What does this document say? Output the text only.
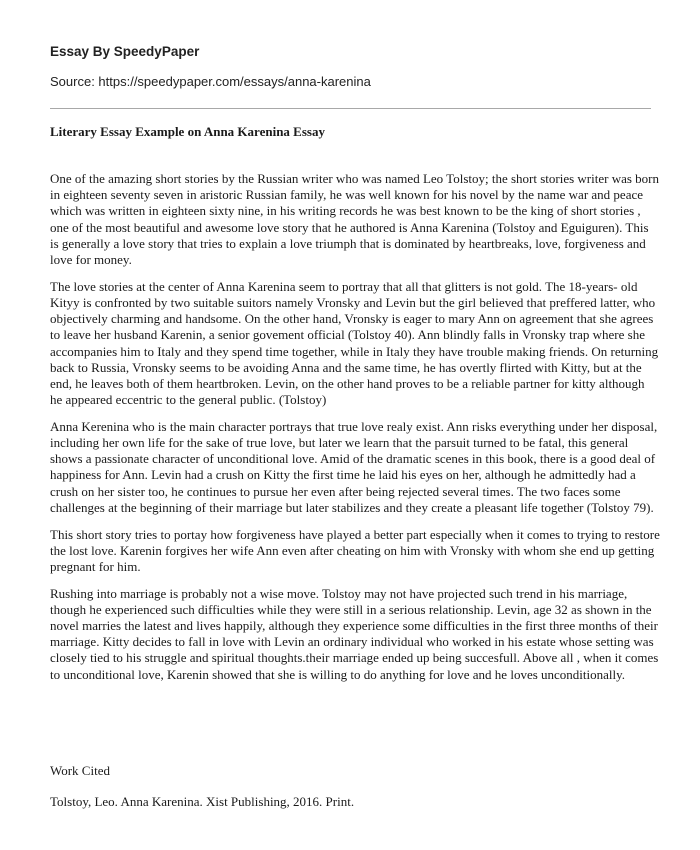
Essay By SpeedyPaper
Source: https://speedypaper.com/essays/anna-karenina
Literary Essay Example on Anna Karenina Essay

One of the amazing short stories by the Russian writer who was named Leo Tolstoy; the short stories writer was born in eighteen seventy seven in aristoric Russian family, he was well known for his novel by the name war and peace which was written in eighteen sixty nine, in his writing records he was best known to be the king of short stories , one of the most beautiful and awesome love story that he authored is Anna Karenina (Tolstoy and Eguiguren). This is generally a love story that tries to explain a love triumph that is dominated by heartbreaks, love, forgiveness and love for money.

The love stories at the center of Anna Karenina seem to portray that all that glitters is not gold. The 18-years- old Kityy is confronted by two suitable suitors namely Vronsky and Levin but the girl believed that preffered latter, who objectively charming and handsome. On the other hand, Vronsky is eager to mary Ann on agreement that she agrees to leave her husband Karenin, a senior govement official (Tolstoy 40). Ann blindly falls in Vronsky trap where she accompanies him to Italy and they spend time together, while in Italy they have trouble making friends. On returning back to Russia, Vronsky seems to be avoiding Anna and the same time, he has overtly flirted with Kitty, but at the end, he leaves both of them heartbroken. Levin, on the other hand proves to be a reliable partner for kitty although he appeared eccentric to the general public. (Tolstoy)

Anna Kerenina who is the main character portrays that true love realy exist. Ann risks everything under her disposal, including her own life for the sake of true love, but later we learn that the parsuit turned to be fatal, this general shows a passionate character of unconditional love. Amid of the dramatic scenes in this book, there is a good deal of happiness for Ann. Levin had a crush on Kitty the first time he laid his eyes on her, although he admittedly had a crush on her sister too, he continues to pursue her even after being rejected several times. The two faces some challenges at the beginning of their marriage but later stabilizes and they create a pleasant life together (Tolstoy 79).

This short story tries to portay how forgiveness have played a better part especially when it comes to trying to restore the lost love. Karenin forgives her wife Ann even after cheating on him with Vronsky with whom she end up getting pregnant for him.

Rushing into marriage is probably not a wise move. Tolstoy may not have projected such trend in his marriage, though he experienced such difficulties while they were still in a serious relationship. Levin, age 32 as shown in the novel marries the latest and lives happily, although they experience some difficulties in the first three months of their marriage. Kitty decides to fall in love with Levin an ordinary individual who worked in his estate whose setting was closely tied to his struggle and spiritual thoughts.their marriage ended up being succesfull. Above all , when it comes to unconditional love, Karenin showed that she is willing to do anything for love and he loves unconditionally.

Work Cited
Tolstoy, Leo. Anna Karenina. Xist Publishing, 2016. Print.
